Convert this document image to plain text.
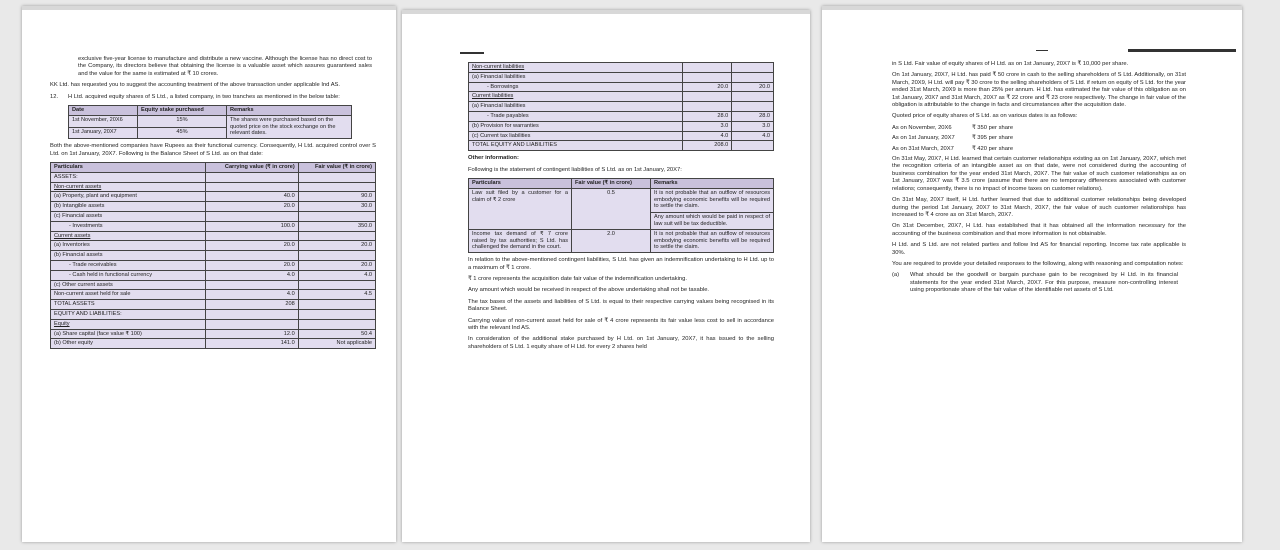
exclusive five-year license to manufacture and distribute a new vaccine. Although the license has no direct cost to the Company, its directors believe that obtaining the license is a valuable asset which assures guaranteed sales and the value for the same is estimated at ₹ 10 crores.

KK Ltd. has requested you to suggest the accounting treatment of the above transaction under applicable Ind AS.

12.	H Ltd. acquired equity shares of S Ltd., a listed company, in two tranches as mentioned in the below table:
Date	Equity stake purchased	Remarks
1st November, 20X6	15%	The shares were purchased based on the quoted price on the stock exchange on the relevant dates.
1st January, 20X7	45%	

Both the above-mentioned companies have Rupees as their functional currency. Consequently, H Ltd. acquired control over S Ltd. on 1st January, 20X7. Following is the Balance Sheet of S Ltd. as on that date:

Particulars	Carrying value (₹ in crore)	Fair value (₹ in crore)
ASSETS:		
Non-current assets		
(a) Property, plant and equipment	40.0	90.0
(b) Intangible assets	20.0	30.0
(c) Financial assets		
- Investments	100.0	350.0
Current assets		
(a) Inventories	20.0	20.0
(b) Financial assets		
- Trade receivables	20.0	20.0
- Cash held in functional currency	4.0	4.0
(c) Other current assets		
Non-current asset held for sale	4.0	4.5
TOTAL ASSETS	208	
EQUITY AND LIABILITIES:		
Equity		
(a) Share capital (face value ₹ 100)	12.0	50.4
(b) Other equity	141.0	Not applicable
Non-current liabilities		
(a) Financial liabilities		
- Borrowings	20.0	20.0
Current liabilities		
(a) Financial liabilities		
- Trade payables	28.0	28.0
(b) Provision for warranties	3.0	3.0
(c) Current tax liabilities	4.0	4.0
TOTAL EQUITY AND LIABILITIES	208.0	

Other information:

Following is the statement of contingent liabilities of S Ltd. as on 1st January, 20X7:

Particulars	Fair value (₹ in crore)	Remarks
Law suit filed by a customer for a claim of ₹ 2 crore	0.5	It is not probable that an outflow of resources embodying economic benefits will be required to settle the claim.
Any amount which would be paid in respect of law suit will be tax deductible.

Income tax demand of ₹ 7 crore raised by tax authorities; S Ltd. has challenged the demand in the court.	2.0	It is not probable that an outflow of resources embodying economic benefits will be required to settle the claim.

In relation to the above-mentioned contingent liabilities, S Ltd. has given an indemnification undertaking to H Ltd. up to a maximum of ₹ 1 crore.

₹ 1 crore represents the acquisition date fair value of the indemnification undertaking.

Any amount which would be received in respect of the above undertaking shall not be taxable.

The tax bases of the assets and liabilities of S Ltd. is equal to their respective carrying values being recognised in its Balance Sheet.

Carrying value of non-current asset held for sale of ₹ 4 crore represents its fair value less cost to sell in accordance with the relevant Ind AS.

In consideration of the additional stake purchased by H Ltd. on 1st January, 20X7, it has issued to the selling shareholders of S Ltd. 1 equity share of H Ltd. for every 2 shares held

in S Ltd. Fair value of equity shares of H Ltd. as on 1st January, 20X7 is ₹ 10,000 per share.

On 1st January, 20X7, H Ltd. has paid ₹ 50 crore in cash to the selling shareholders of S Ltd. Additionally, on 31st March, 20X9, H Ltd. will pay ₹ 30 crore to the selling shareholders of S Ltd. if return on equity of S Ltd. for the year ended 31st March, 20X9 is more than 25% per annum. H Ltd. has estimated the fair value of this obligation as on 1st January, 20X7 and 31st March, 20X7 as ₹ 22 crore and ₹ 23 crore respectively. The change in fair value of the obligation is attributable to the change in facts and circumstances after the acquisition date.

Quoted price of equity shares of S Ltd. as on various dates is as follows:

As on November, 20X6	₹ 350 per share
As on 1st January, 20X7	₹ 395 per share
As on 31st March, 20X7	₹ 420 per share

On 31st May, 20X7, H Ltd. learned that certain customer relationships existing as on 1st January, 20X7, which met the recognition criteria of an intangible asset as on that date, were not considered during the accounting of business combination for the year ended 31st March, 20X7. The fair value of such customer relationships as on 1st January, 20X7 was ₹ 3.5 crore (assume that there are no temporary differences associated with customer relations; consequently, there is no impact of income taxes on customer relations).

On 31st May, 20X7 itself, H Ltd. further learned that due to additional customer relationships being developed during the period 1st January, 20X7 to 31st March, 20X7, the fair value of such customer relationships has increased to ₹ 4 crore as on 31st March, 20X7.

On 31st December, 20X7, H Ltd. has established that it has obtained all the information necessary for the accounting of the business combination and that more information is not obtainable.

H Ltd. and S Ltd. are not related parties and follow Ind AS for financial reporting. Income tax rate applicable is 30%.

You are required to provide your detailed responses to the following, along with reasoning and computation notes:

(a)	What should be the goodwill or bargain purchase gain to be recognised by H Ltd. in its financial statements for the year ended 31st March, 20X7. For this purpose, measure non-controlling interest using proportionate share of the fair value of the identifiable net assets of S Ltd.
